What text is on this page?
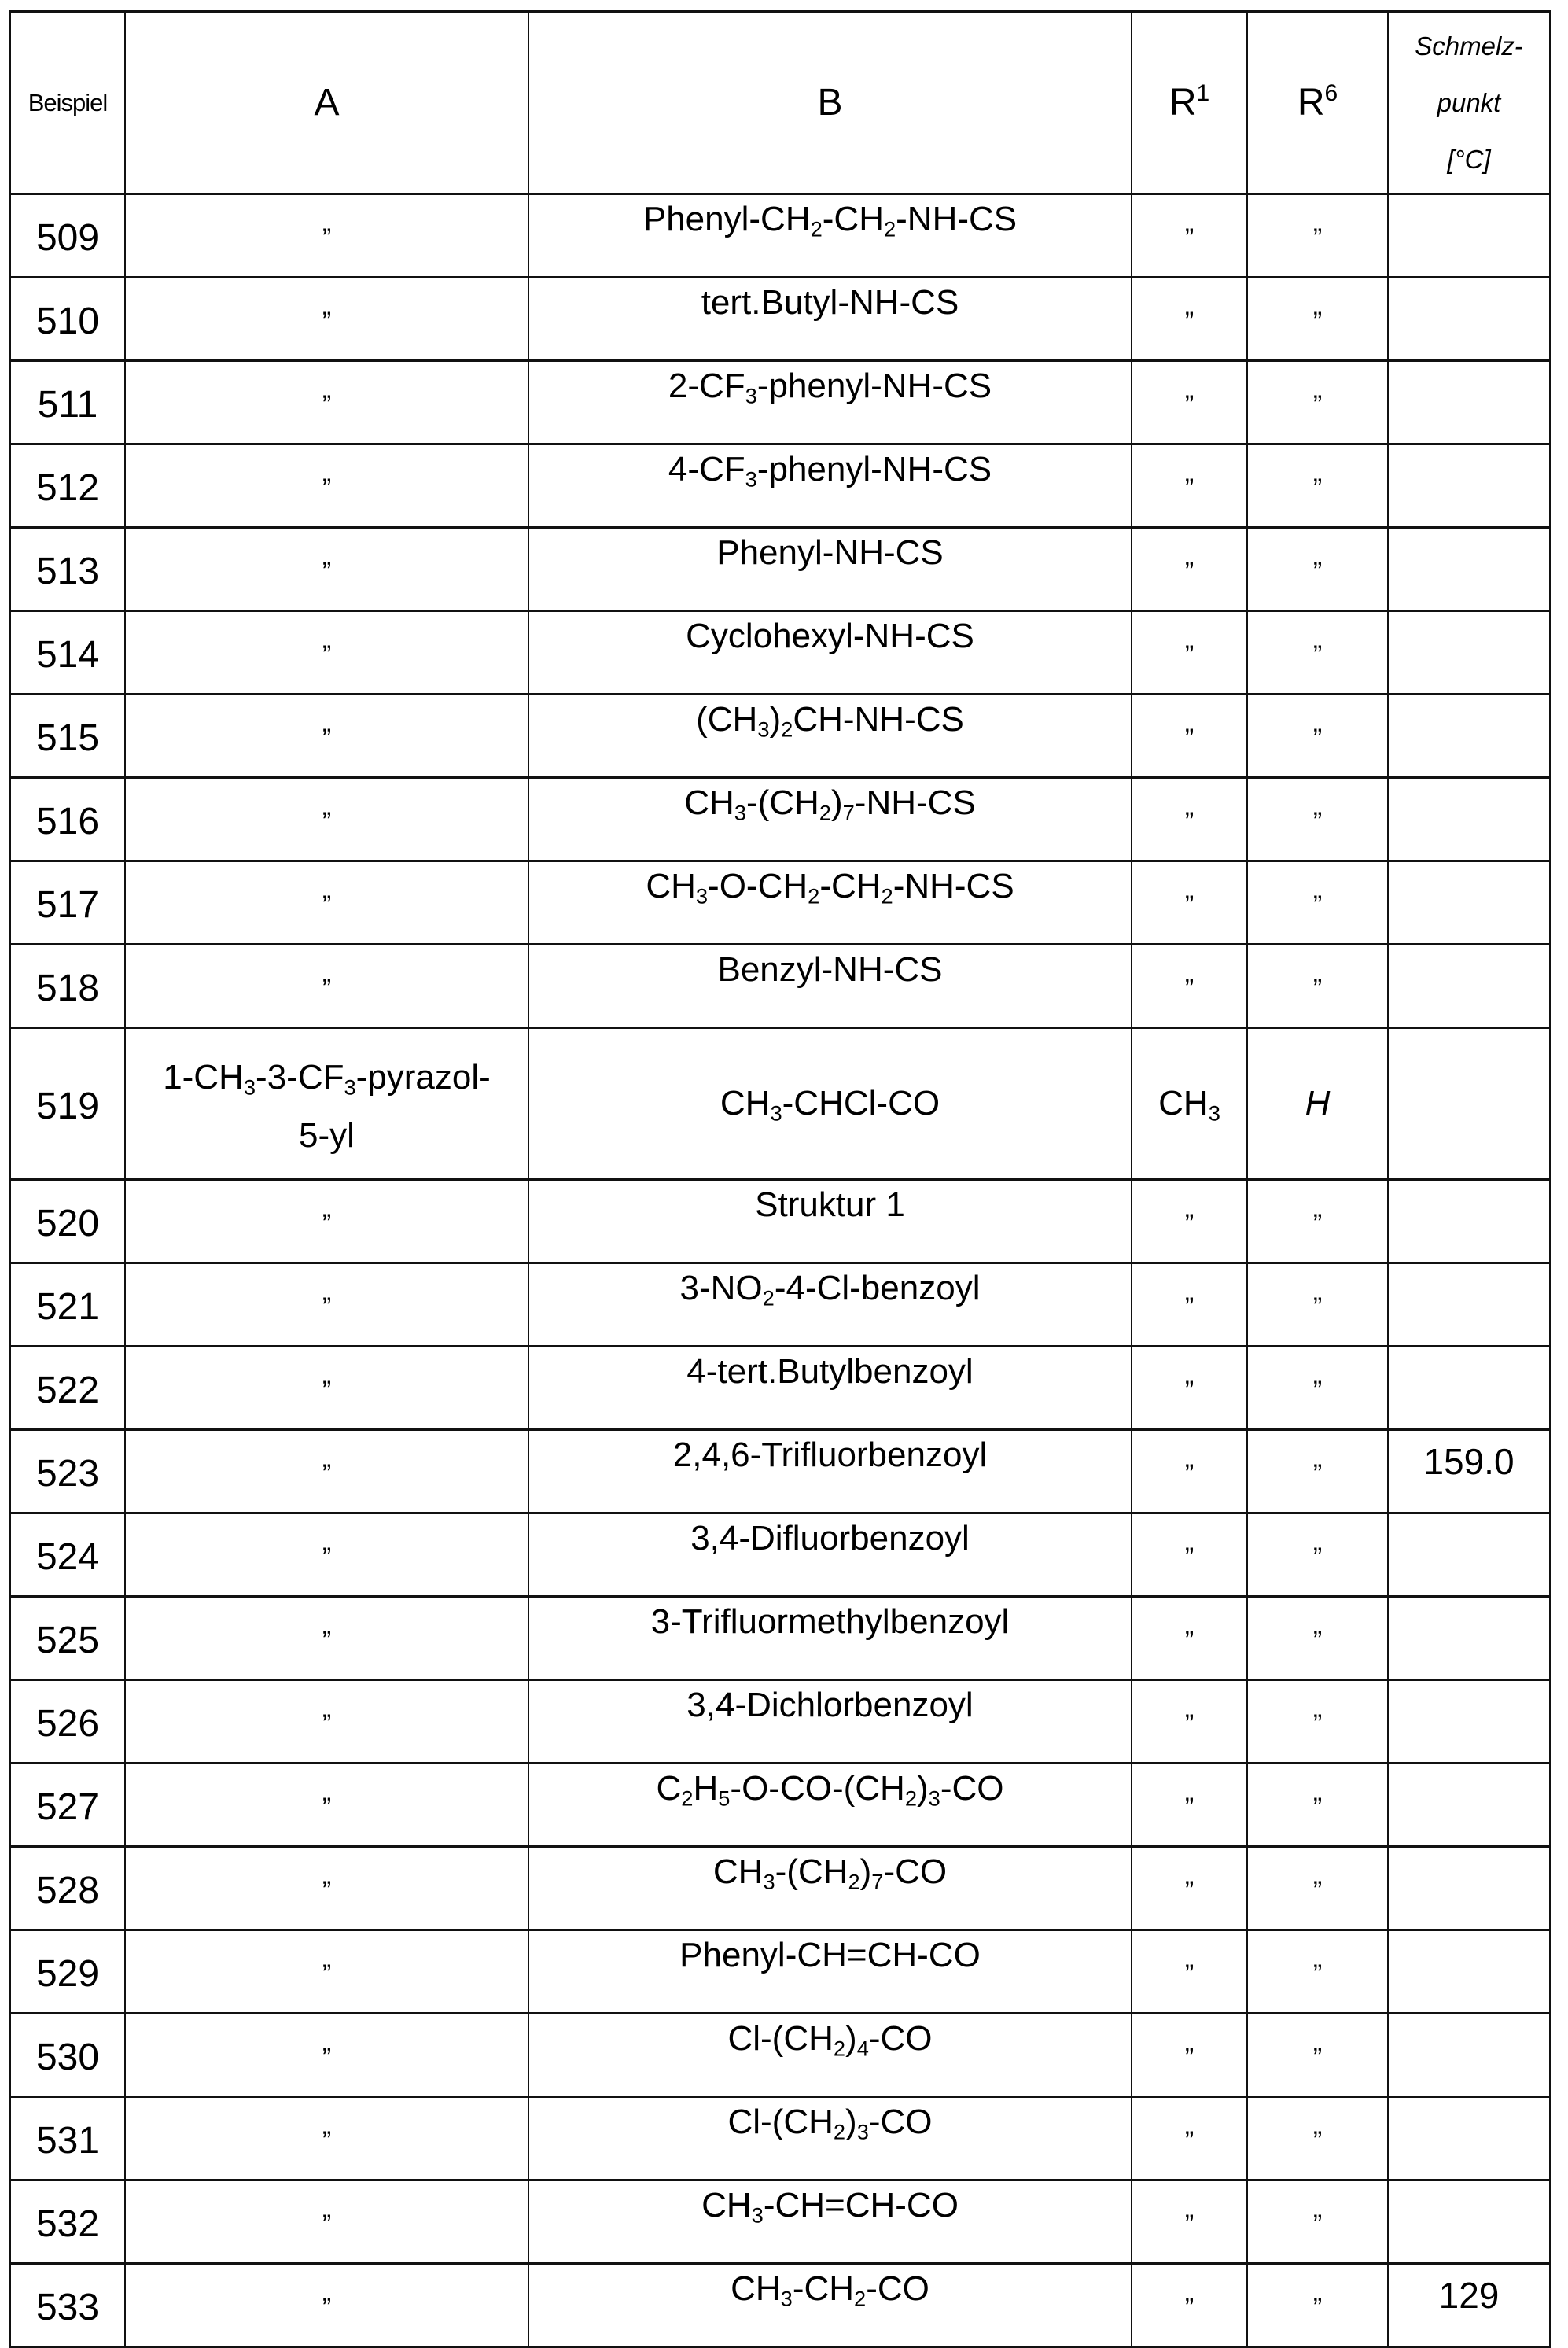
Beispiel	A	B	$R^1$	$R^6$	Schmelz-
punkt
[°C]

509	”	Phenyl-$CH_2-CH_2-NH-CS$	”	”	
510	”	tert.Butyl-NH-CS	”	”	
511	”	$2-CF_3-phenyl-NH-CS$	”	”	
512	”	$4-CF_3-phenyl-NH-CS$	”	”	
513	”	Phenyl-NH-CS	”	”	
514	”	Cyclohexyl-NH-CS	”	”	
515	”	$(CH_3)_2CH-NH-CS$	”	”	
516	”	$CH_3-(CH_2)_7-NH-CS$	”	”	
517	”	$CH_3-O-CH_2-CH_2-NH-CS$	”	”	
518	”	Benzyl-NH-CS	”	”	
519	$1-CH_3-3-CF_3-pyrazol-$
5-yl	$CH_3-CHCl-CO$	$CH_3$	H	
520	”	Struktur 1	”	”	
521	”	$3-NO_2-4-Cl$-benzoyl	”	”	
522	”	4-tert.Butylbenzoyl	”	”	
523	”	2,4,6-Trifluorbenzoyl	”	”	159.0
524	”	3,4-Difluorbenzoyl	”	”	
525	”	3-Trifluormethylbenzoyl	”	”	
526	”	3,4-Dichlorbenzoyl	”	”	
527	”	$C_2H_5-O-CO-(CH_2)_3-CO$	”	”	
528	”	$CH_3-(CH_2)_7-CO$	”	”	
529	”	Phenyl-CH=CH-CO	”	”	
530	”	$Cl-(CH_2)_4-CO$	”	”	
531	”	$Cl-(CH_2)_3-CO$	”	”	
532	”	$CH_3-CH=CH-CO$	”	”	
533	”	$CH_3-CH_2-CO$	”	”	129
